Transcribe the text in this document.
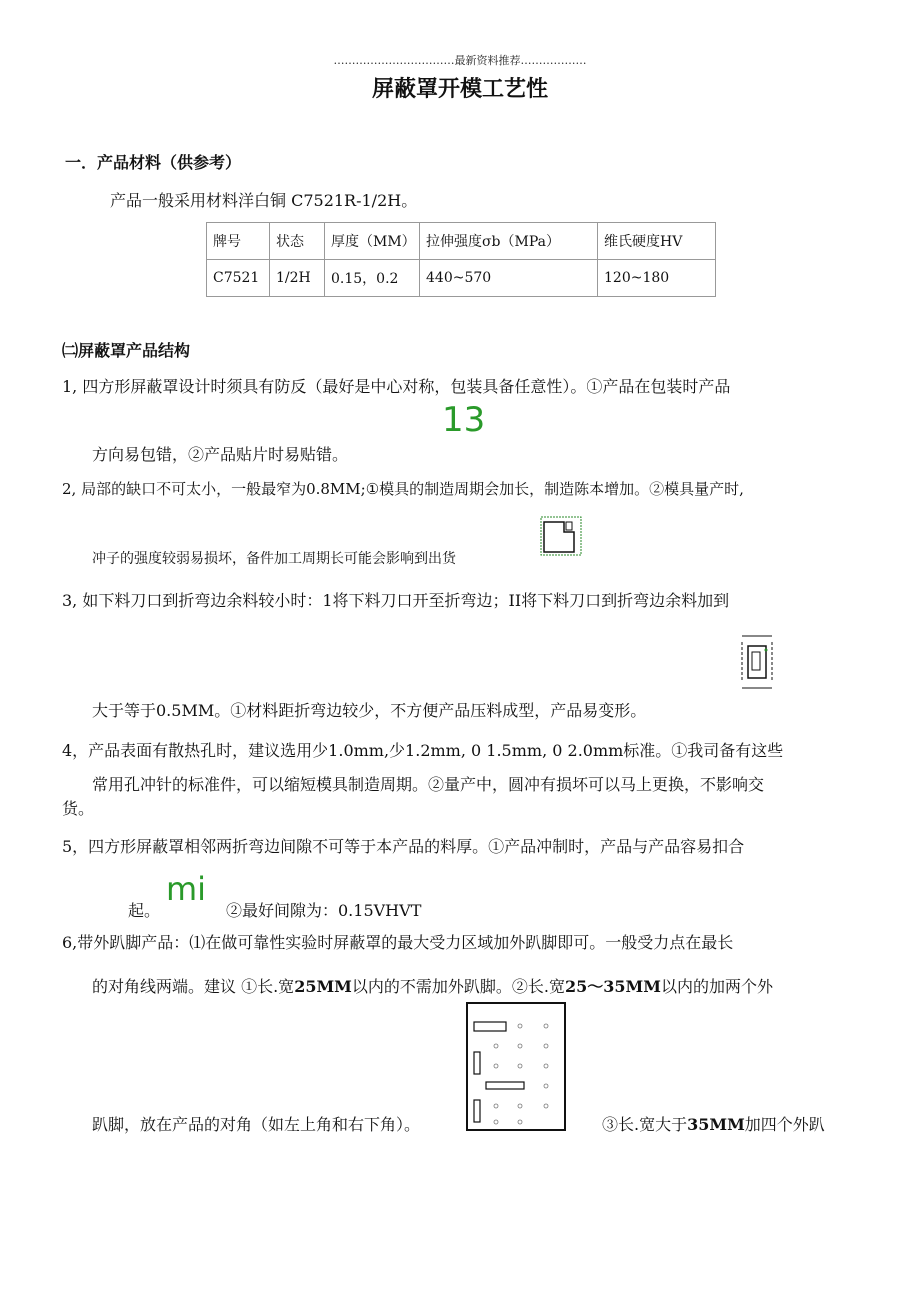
……………………………最新资料推荐………………
屏蔽罩开模工艺性
一．产品材料（供参考）
产品一般采用材料洋白铜 C7521R-1/2H。
牌号	状态	厚度（MM）	拉伸强度σb（MPa）	维氏硬度HV
C7521	1/2H	0.15，0.2	440~570	120~180
㈡屏蔽罩产品结构
1, 四方形屏蔽罩设计时须具有防反（最好是中心对称，包装具备任意性）。①产品在包装时产品
13
方向易包错，②产品贴片时易贴错。
2, 局部的缺口不可太小，一般最窄为0.8MM;①模具的制造周期会加长，制造陈本增加。②模具量产时,
冲子的强度较弱易损坏，备件加工周期长可能会影响到出货
3, 如下料刀口到折弯边余料较小时：1将下料刀口开至折弯边；II将下料刀口到折弯边余料加到
大于等于0.5MM。①材料距折弯边较少，不方便产品压料成型，产品易变形。
4，产品表面有散热孔时，建议选用少1.0mm,少1.2mm, 0 1.5mm, 0 2.0mm标准。①我司备有这些
常用孔冲针的标准件，可以缩短模具制造周期。②量产中，圆冲有损坏可以马上更换，不影响交
货。
5，四方形屏蔽罩相邻两折弯边间隙不可等于本产品的料厚。①产品冲制时，产品与产品容易扣合
起。
mi
②最好间隙为：0.15VHVT
6,带外趴脚产品：⑴在做可靠性实验时屏蔽罩的最大受力区域加外趴脚即可。一般受力点在最长
的对角线两端。建议 ①长.宽25MM以内的不需加外趴脚。②长.宽25〜35MM以内的加两个外
趴脚，放在产品的对角（如左上角和右下角）。	③长.宽大于35MM加四个外趴
